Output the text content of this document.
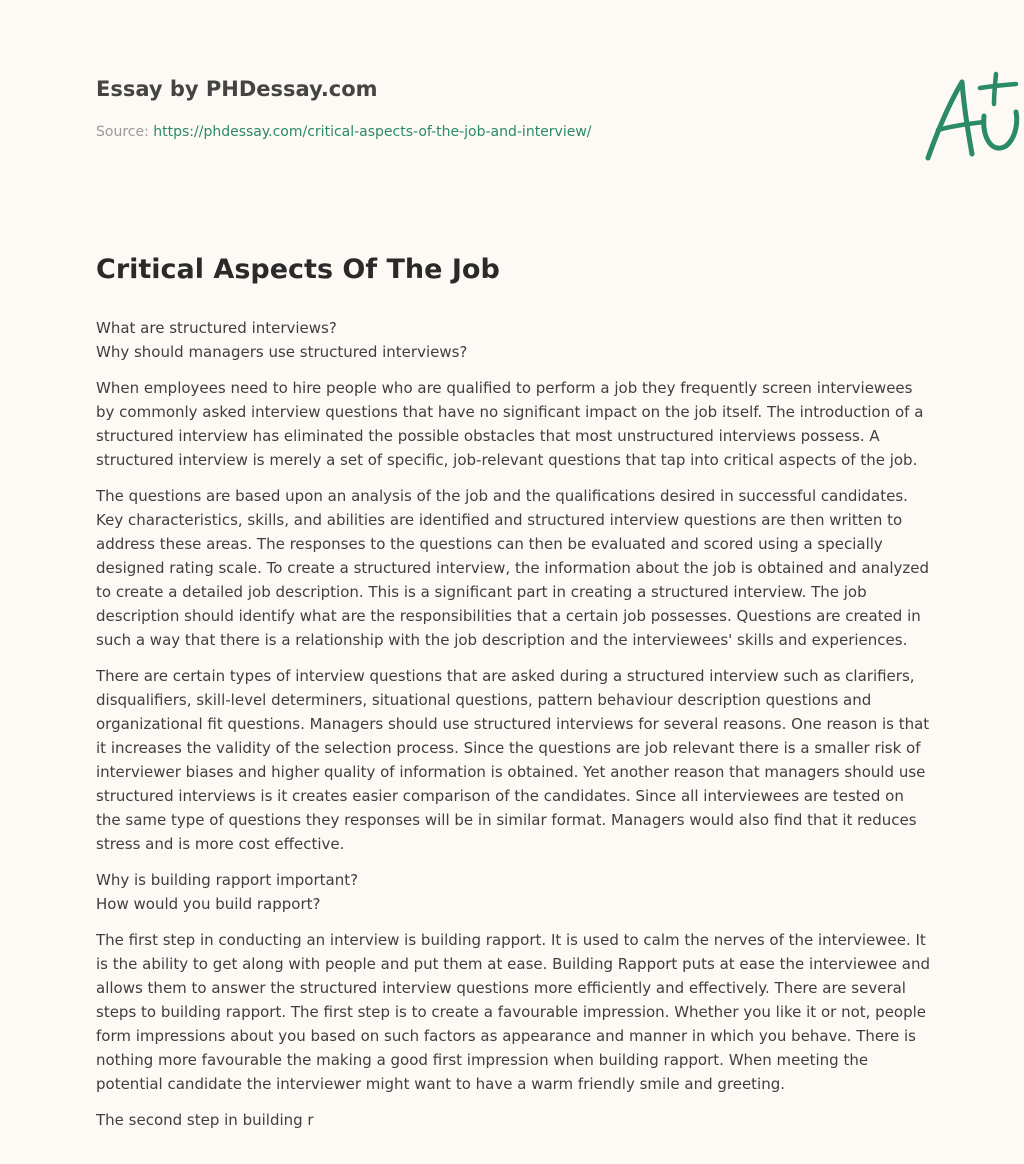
Essay by PHDessay.com
Source: https://phdessay.com/critical-aspects-of-the-job-and-interview/
Critical Aspects Of The Job

What are structured interviews?
Why should managers use structured interviews?

When employees need to hire people who are qualified to perform a job they frequently screen interviewees by commonly asked interview questions that have no significant impact on the job itself. The introduction of a structured interview has eliminated the possible obstacles that most unstructured interviews possess. A structured interview is merely a set of specific, job-relevant questions that tap into critical aspects of the job.

The questions are based upon an analysis of the job and the qualifications desired in successful candidates. Key characteristics, skills, and abilities are identified and structured interview questions are then written to address these areas. The responses to the questions can then be evaluated and scored using a specially designed rating scale. To create a structured interview, the information about the job is obtained and analyzed to create a detailed job description. This is a significant part in creating a structured interview. The job description should identify what are the responsibilities that a certain job possesses. Questions are created in such a way that there is a relationship with the job description and the interviewees' skills and experiences.

There are certain types of interview questions that are asked during a structured interview such as clarifiers, disqualifiers, skill-level determiners, situational questions, pattern behaviour description questions and organizational fit questions. Managers should use structured interviews for several reasons. One reason is that it increases the validity of the selection process. Since the questions are job relevant there is a smaller risk of interviewer biases and higher quality of information is obtained. Yet another reason that managers should use structured interviews is it creates easier comparison of the candidates. Since all interviewees are tested on the same type of questions they responses will be in similar format. Managers would also find that it reduces stress and is more cost effective.

Why is building rapport important?
How would you build rapport?

The first step in conducting an interview is building rapport. It is used to calm the nerves of the interviewee. It is the ability to get along with people and put them at ease. Building Rapport puts at ease the interviewee and allows them to answer the structured interview questions more efficiently and effectively. There are several steps to building rapport. The first step is to create a favourable impression. Whether you like it or not, people form impressions about you based on such factors as appearance and manner in which you behave. There is nothing more favourable the making a good first impression when building rapport. When meeting the potential candidate the interviewer might want to have a warm friendly smile and greeting.

The second step in building r
